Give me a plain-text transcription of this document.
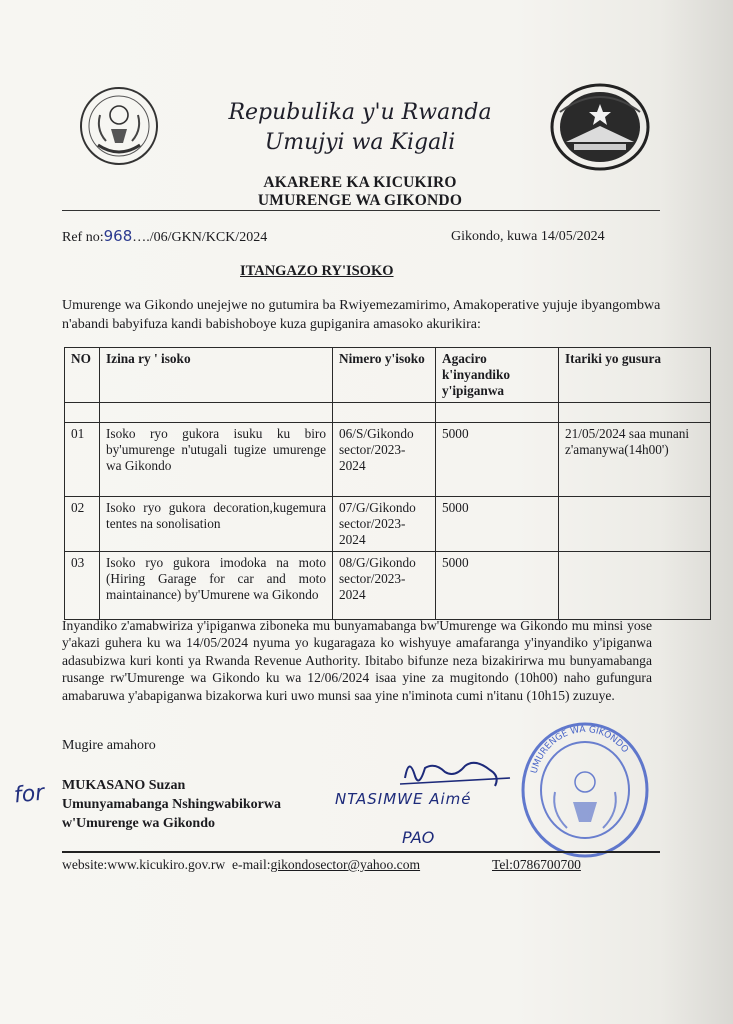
Repubulika y'u Rwanda
Umujyi wa Kigali
AKARERE KA KICUKIRO
UMURENGE WA GIKONDO
Ref no:968…./06/GKN/KCK/2024	Gikondo, kuwa 14/05/2024
ITANGAZO RY'ISOKO
Umurenge wa Gikondo unejejwe no gutumira ba Rwiyemezamirimo, Amakoperative yujuje ibyangombwa n'abandi babyifuza kandi babishoboye kuza gupiganira amasoko akurikira:
NO	Izina ry ' isoko	Nimero y'isoko	Agaciro k'inyandiko y'ipiganwa	Itariki yo gusura

01	Isoko ryo gukora isuku ku biro by'umurenge n'utugali tugize umurenge wa Gikondo	06/S/Gikondo sector/2023-2024	5000	21/05/2024 saa munani z'amanywa(14h00')
02	Isoko ryo gukora decoration,kugemura tentes na sonolisation	07/G/Gikondo sector/2023-2024	5000	
03	Isoko ryo gukora imodoka na moto (Hiring Garage for car and moto maintainance) by'Umurene wa Gikondo	08/G/Gikondo sector/2023-2024	5000	
Inyandiko z'amabwiriza y'ipiganwa ziboneka mu bunyamabanga bw'Umurenge wa Gikondo mu minsi yose y'akazi guhera ku wa 14/05/2024 nyuma yo kugaragaza ko wishyuye amafaranga y'inyandiko y'ipiganwa adasubizwa kuri konti ya Rwanda Revenue Authority. Ibitabo bifunze neza bizakirirwa mu bunyamabanga rusange rw'Umurenge wa Gikondo ku wa 12/06/2024 isaa yine za mugitondo (10h00) naho gufungura amabaruwa y'abapiganwa bizakorwa kuri uwo munsi saa yine n'iminota cumi n'itanu (10h15) zuzuye.
Mugire amahoro
for MUKASANO Suzan
Umunyamabanga Nshingwabikorwa
w'Umurenge wa Gikondo
NTASIMWE Aimé
PAO
UMURENGE WA GIKONDO
website:www.kicukiro.gov.rw e-mail:gikondosector@yahoo.com	Tel:0786700700
